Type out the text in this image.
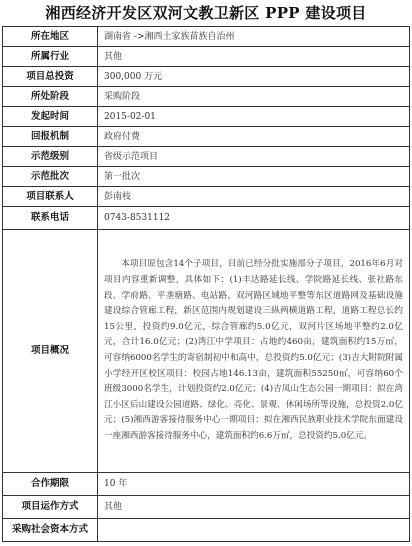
湘西经济开发区双河文教卫新区 PPP 建设项目
所在地区	湖南省 ->湘西土家族苗族自治州
所属行业	其他
项目总投资	300,000 万元
所处阶段	采购阶段
发起时间	2015-02-01
回报机制	政府付费
示范级别	省级示范项目
示范批次	第一批次
项目联系人	彭南枝
联系电话	0743-8531112
项目概况	本项目原包含14个子项目，目前已经分批实施部分子项目，2016年6月对项目内容重新调整，具体如下：(1)丰达路延长线、学院路延长线、张社路东段、学府路、平垄塘路、电站路、双河路区域地平整等东区道路网及基础设施建设综合管廊工程，新区范围内规划建设三纵两横道路工程，道路工程总长约15公里，投资约9.0亿元，综合管廊约5.0亿元，双河片区场地平整约2.0亿元，合计16.0亿元；(2)湾江中学项目：占地约460亩，建筑面积约15万㎡，可容纳6000名学生的寄宿制初中和高中，总投资约5.0亿元；(3)吉大附院附属小学经开区校区项目：校园占地146.13亩，建筑面积55250㎡，可容纳60个班级3000名学生，计划投资约2.0亿元；(4)吉凤山生态公园一期项目：拟在湾江小区后山建设公园道路、绿化、亮化、景观、休闲场所等设施，总投资2.0亿元；(5)湘西游客接待服务中心一期项目：拟在湘西民族职业技术学院东面建设一座湘西游客接待服务中心，建筑面积约6.6万㎡，总投资约5.0亿元。
合作期限	10 年
项目运作方式	其他
采购社会资本方式	
